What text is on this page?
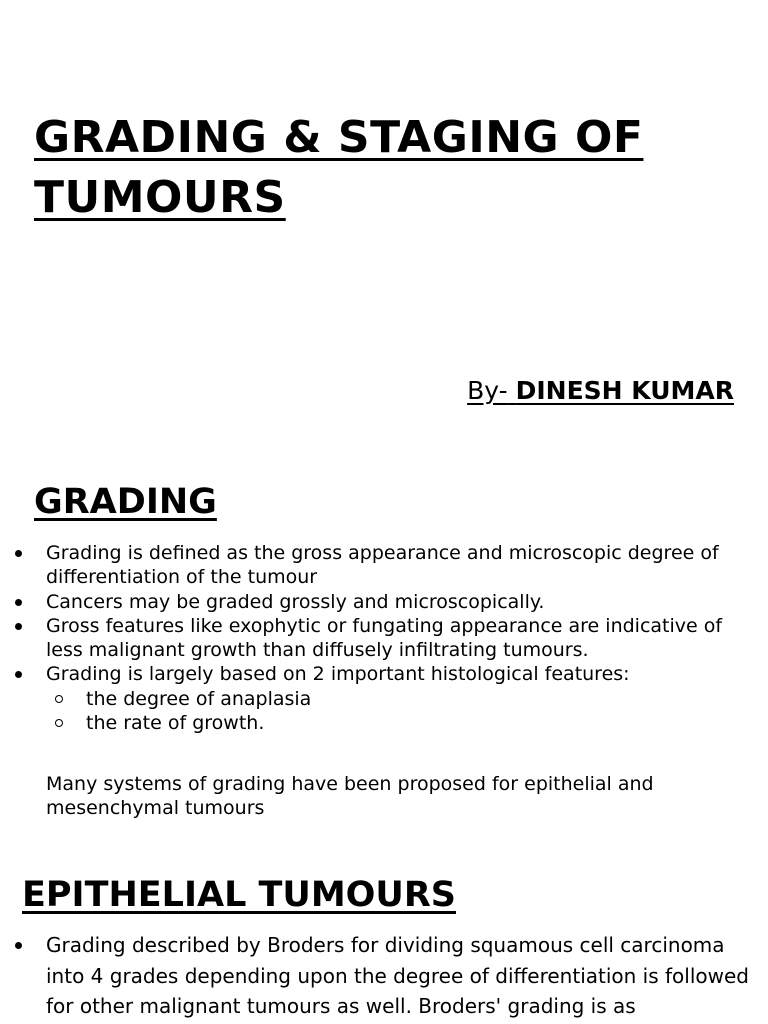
GRADING & STAGING OF
TUMOURS
By- DINESH KUMAR
GRADING
Grading is defined as the gross appearance and microscopic degree of differentiation of the tumour
Cancers may be graded grossly and microscopically.
Gross features like exophytic or fungating appearance are indicative of less malignant growth than diffusely infiltrating tumours.
Grading is largely based on 2 important histological features:
the degree of anaplasia
the rate of growth.

Many systems of grading have been proposed for epithelial and mesenchymal tumours

EPITHELIAL TUMOURS
Grading described by Broders for dividing squamous cell carcinoma into 4 grades depending upon the degree of differentiation is followed for other malignant tumours as well. Broders' grading is as
